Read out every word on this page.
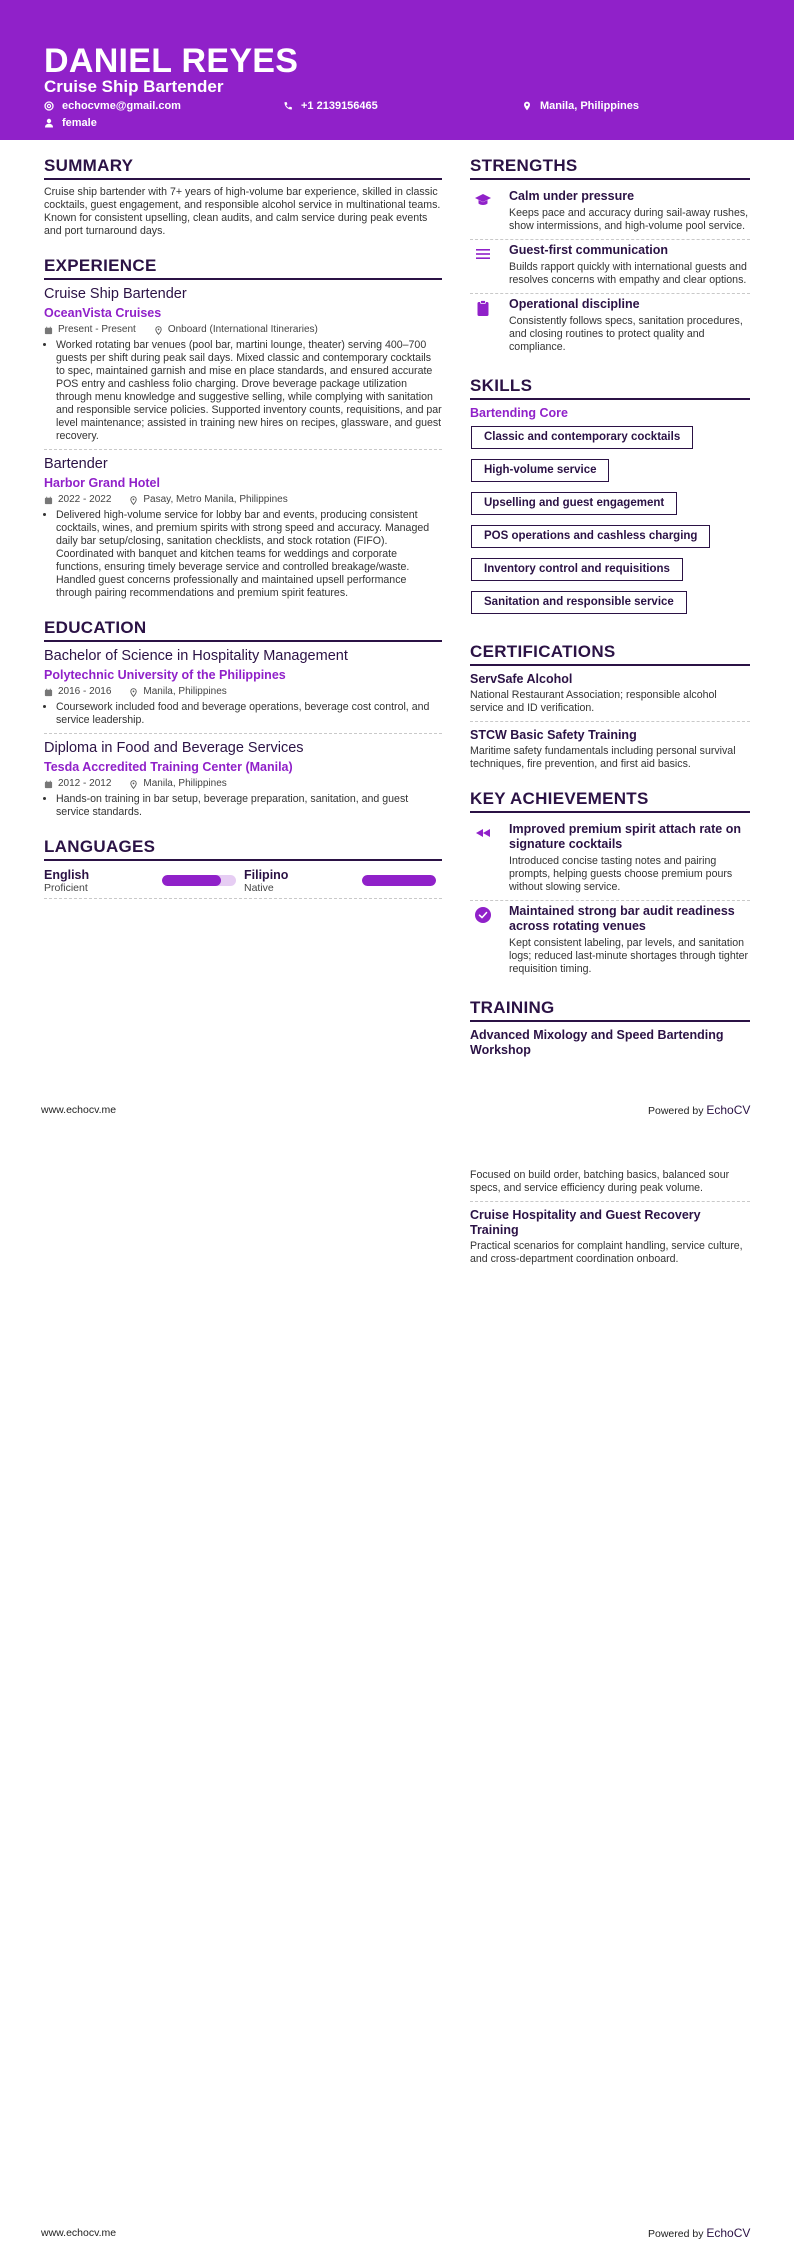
DANIEL REYES
Cruise Ship Bartender
echocvme@gmail.com	+1 2139156465	Manila, Philippines
female
SUMMARY

Cruise ship bartender with 7+ years of high-volume bar experience, skilled in classic cocktails, guest engagement, and responsible alcohol service in multinational teams. Known for consistent upselling, clean audits, and calm service during peak events and port turnaround days.

EXPERIENCE
Cruise Ship Bartender
OceanVista Cruises
Present - Present	Onboard (International Itineraries)
• Worked rotating bar venues (pool bar, martini lounge, theater) serving 400–700 guests per shift during peak sail days. Mixed classic and contemporary cocktails to spec, maintained garnish and mise en place standards, and ensured accurate POS entry and cashless folio charging. Drove beverage package utilization through menu knowledge and suggestive selling, while complying with sanitation and responsible service policies. Supported inventory counts, requisitions, and par level maintenance; assisted in training new hires on recipes, glassware, and guest recovery.
Bartender
Harbor Grand Hotel
2022 - 2022	Pasay, Metro Manila, Philippines
• Delivered high-volume service for lobby bar and events, producing consistent cocktails, wines, and premium spirits with strong speed and accuracy. Managed daily bar setup/closing, sanitation checklists, and stock rotation (FIFO). Coordinated with banquet and kitchen teams for weddings and corporate functions, ensuring timely beverage service and controlled breakage/waste. Handled guest concerns professionally and maintained upsell performance through pairing recommendations and premium spirit features.
EDUCATION
Bachelor of Science in Hospitality Management
Polytechnic University of the Philippines
2016 - 2016	Manila, Philippines
• Coursework included food and beverage operations, beverage cost control, and service leadership.
Diploma in Food and Beverage Services
Tesda Accredited Training Center (Manila)
2012 - 2012	Manila, Philippines
• Hands-on training in bar setup, beverage preparation, sanitation, and guest service standards.
LANGUAGES
English
Proficient
Filipino
Native
STRENGTHS
Calm under pressure
Keeps pace and accuracy during sail-away rushes, show intermissions, and high-volume pool service.
Guest-first communication
Builds rapport quickly with international guests and resolves concerns with empathy and clear options.
Operational discipline
Consistently follows specs, sanitation procedures, and closing routines to protect quality and compliance.
SKILLS
Bartending Core
Classic and contemporary cocktails
High-volume service
Upselling and guest engagement
POS operations and cashless charging
Inventory control and requisitions
Sanitation and responsible service
CERTIFICATIONS
ServSafe Alcohol
National Restaurant Association; responsible alcohol service and ID verification.
STCW Basic Safety Training
Maritime safety fundamentals including personal survival techniques, fire prevention, and first aid basics.
KEY ACHIEVEMENTS
Improved premium spirit attach rate on signature cocktails
Introduced concise tasting notes and pairing prompts, helping guests choose premium pours without slowing service.
Maintained strong bar audit readiness across rotating venues
Kept consistent labeling, par levels, and sanitation logs; reduced last-minute shortages through tighter requisition timing.
TRAINING
Advanced Mixology and Speed Bartending Workshop
Focused on build order, batching basics, balanced sour specs, and service efficiency during peak volume.
Cruise Hospitality and Guest Recovery Training
Practical scenarios for complaint handling, service culture, and cross-department coordination onboard.
www.echocv.me	Powered by EchoCV
www.echocv.me	Powered by EchoCV
